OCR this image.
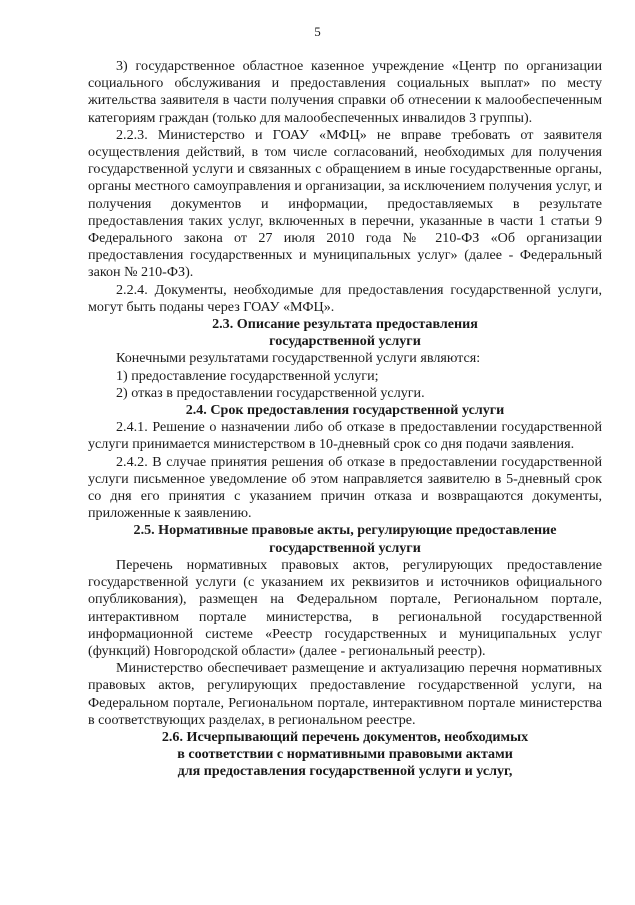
5

3) государственное областное казенное учреждение «Центр по организации социального обслуживания и предоставления социальных выплат» по месту жительства заявителя в части получения справки об отнесении к малообеспеченным категориям граждан (только для малообеспеченных инвалидов 3 группы).

2.2.3. Министерство и ГОАУ «МФЦ» не вправе требовать от заявителя осуществления действий, в том числе согласований, необходимых для получения государственной услуги и связанных с обращением в иные государственные органы, органы местного самоуправления и организации, за исключением получения услуг, и получения документов и информации, предоставляемых в результате предоставления таких услуг, включенных в перечни, указанные в части 1 статьи 9 Федерального закона от 27 июля 2010 года № 210-ФЗ «Об организации предоставления государственных и муниципальных услуг» (далее - Федеральный закон № 210-ФЗ).

2.2.4. Документы, необходимые для предоставления государственной услуги, могут быть поданы через ГОАУ «МФЦ».

2.3. Описание результата предоставления

государственной услуги

Конечными результатами государственной услуги являются:

1) предоставление государственной услуги;

2) отказ в предоставлении государственной услуги.

2.4. Срок предоставления государственной услуги

2.4.1. Решение о назначении либо об отказе в предоставлении государственной услуги принимается министерством в 10-дневный срок со дня подачи заявления.

2.4.2. В случае принятия решения об отказе в предоставлении государственной услуги письменное уведомление об этом направляется заявителю в 5-дневный срок со дня его принятия с указанием причин отказа и возвращаются документы, приложенные к заявлению.

2.5. Нормативные правовые акты, регулирующие предоставление

государственной услуги

Перечень нормативных правовых актов, регулирующих предоставление государственной услуги (с указанием их реквизитов и источников официального опубликования), размещен на Федеральном портале, Региональном портале, интерактивном портале министерства, в региональной государственной информационной системе «Реестр государственных и муниципальных услуг (функций) Новгородской области» (далее - региональный реестр).

Министерство обеспечивает размещение и актуализацию перечня нормативных правовых актов, регулирующих предоставление государственной услуги, на Федеральном портале, Региональном портале, интерактивном портале министерства в соответствующих разделах, в региональном реестре.

2.6. Исчерпывающий перечень документов, необходимых

в соответствии с нормативными правовыми актами

для предоставления государственной услуги и услуг,
